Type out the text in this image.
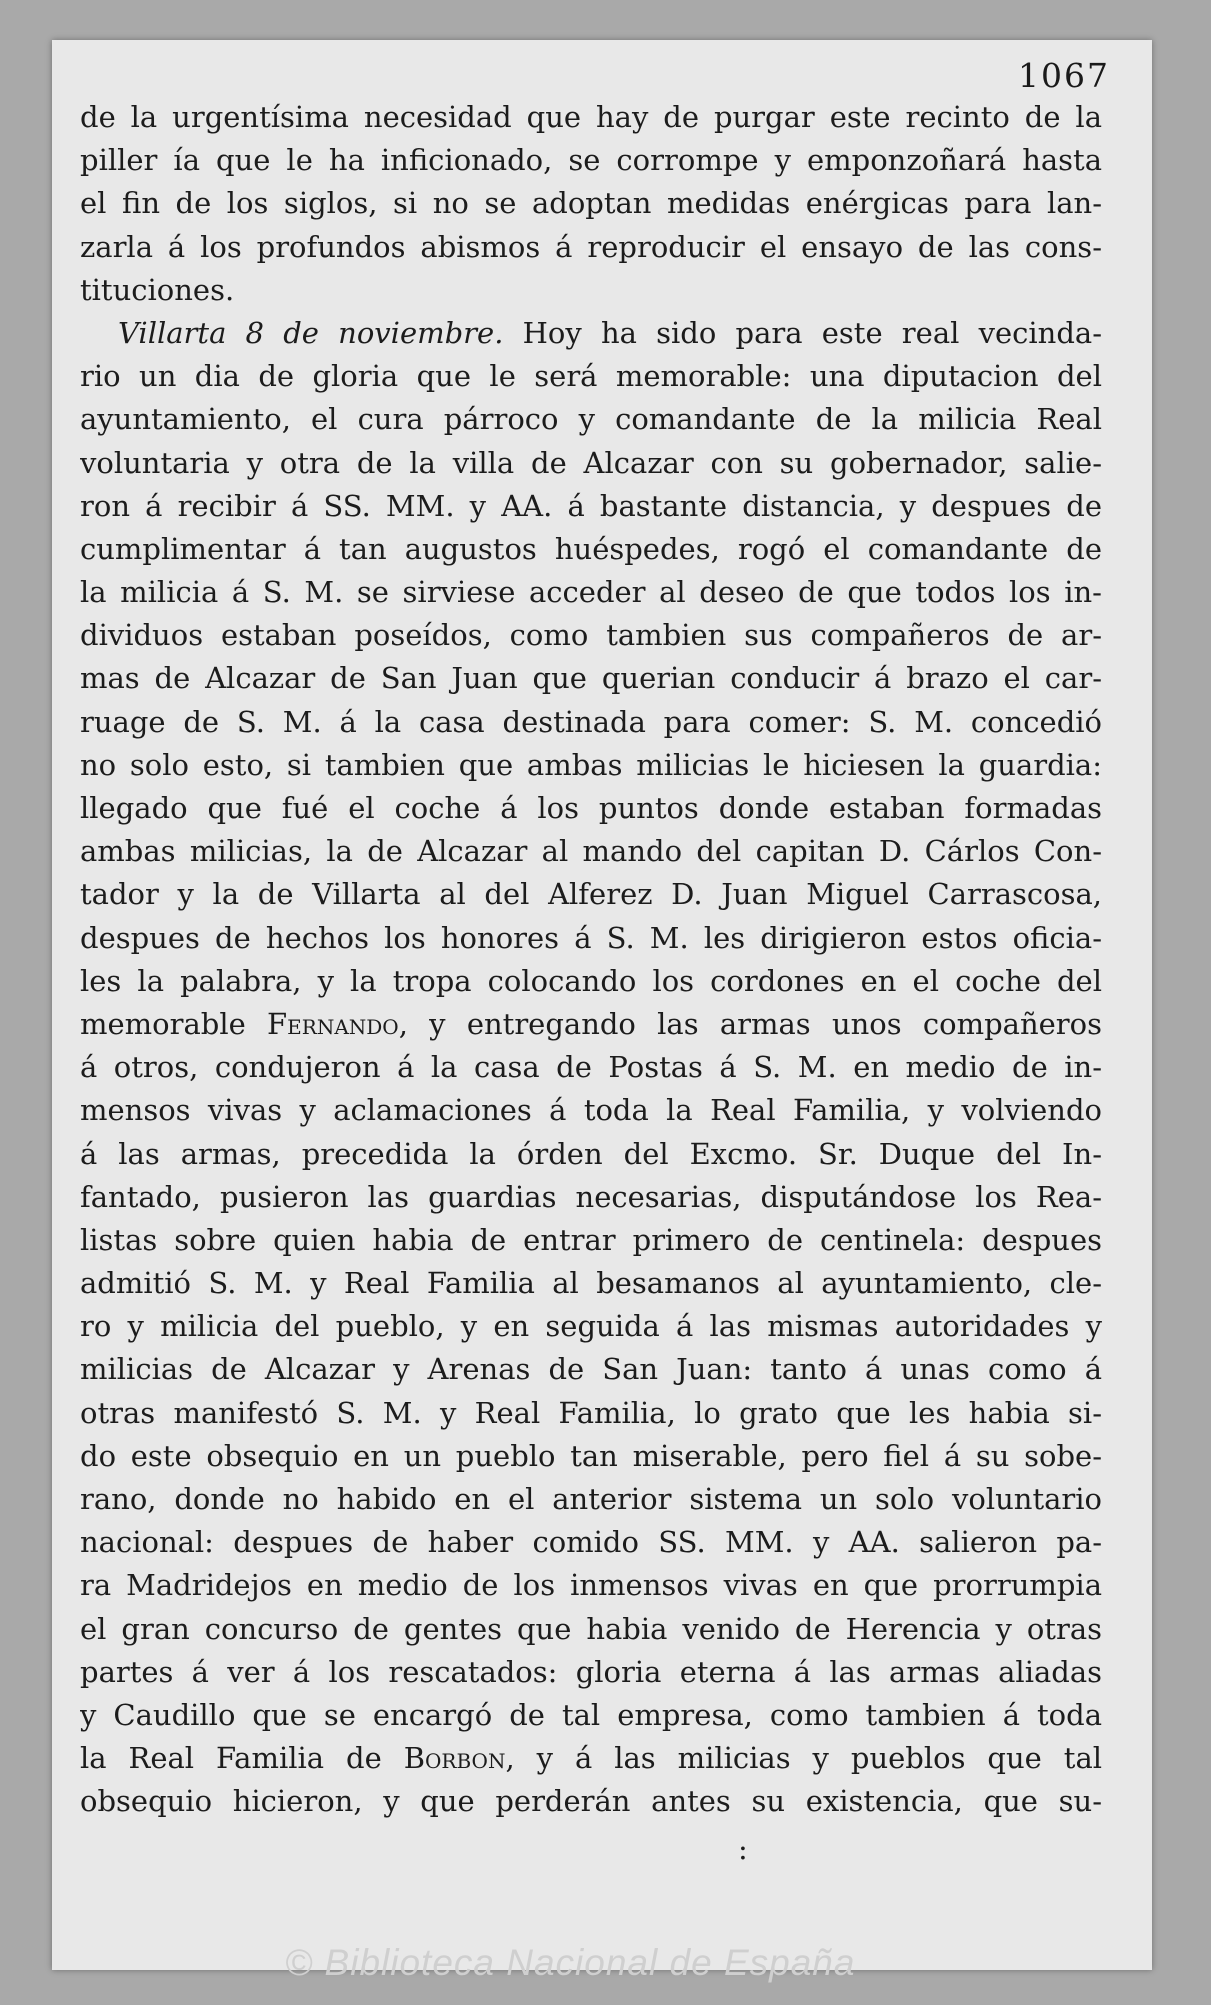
1067
de la urgentísima necesidad que hay de purgar este recinto de la
piller ía que le ha inficionado, se corrompe y emponzoñará hasta
el fin de los siglos, si no se adoptan medidas enérgicas para lan-
zarla á los profundos abismos á reproducir el ensayo de las cons-
tituciones.
Villarta 8 de noviembre. Hoy ha sido para este real vecinda-
rio un dia de gloria que le será memorable: una diputacion del
ayuntamiento, el cura párroco y comandante de la milicia Real
voluntaria y otra de la villa de Alcazar con su gobernador, salie-
ron á recibir á SS. MM. y AA. á bastante distancia, y despues de
cumplimentar á tan augustos huéspedes, rogó el comandante de
la milicia á S. M. se sirviese acceder al deseo de que todos los in-
dividuos estaban poseídos, como tambien sus compañeros de ar-
mas de Alcazar de San Juan que querian conducir á brazo el car-
ruage de S. M. á la casa destinada para comer: S. M. concedió
no solo esto, si tambien que ambas milicias le hiciesen la guardia:
llegado que fué el coche á los puntos donde estaban formadas
ambas milicias, la de Alcazar al mando del capitan D. Cárlos Con-
tador y la de Villarta al del Alferez D. Juan Miguel Carrascosa,
despues de hechos los honores á S. M. les dirigieron estos oficia-
les la palabra, y la tropa colocando los cordones en el coche del
memorable Fernando, y entregando las armas unos compañeros
á otros, condujeron á la casa de Postas á S. M. en medio de in-
mensos vivas y aclamaciones á toda la Real Familia, y volviendo
á las armas, precedida la órden del Excmo. Sr. Duque del In-
fantado, pusieron las guardias necesarias, disputándose los Rea-
listas sobre quien habia de entrar primero de centinela: despues
admitió S. M. y Real Familia al besamanos al ayuntamiento, cle-
ro y milicia del pueblo, y en seguida á las mismas autoridades y
milicias de Alcazar y Arenas de San Juan: tanto á unas como á
otras manifestó S. M. y Real Familia, lo grato que les habia si-
do este obsequio en un pueblo tan miserable, pero fiel á su sobe-
rano, donde no habido en el anterior sistema un solo voluntario
nacional: despues de haber comido SS. MM. y AA. salieron pa-
ra Madridejos en medio de los inmensos vivas en que prorrumpia
el gran concurso de gentes que habia venido de Herencia y otras
partes á ver á los rescatados: gloria eterna á las armas aliadas
y Caudillo que se encargó de tal empresa, como tambien á toda
la Real Familia de Borbon, y á las milicias y pueblos que tal
obsequio hicieron, y que perderán antes su existencia, que su-
:
© Biblioteca Nacional de España
